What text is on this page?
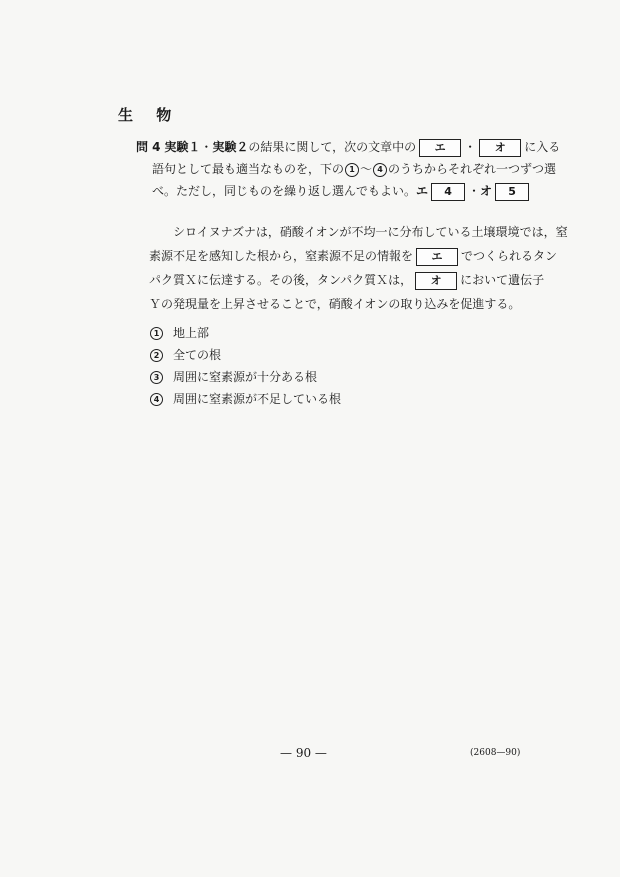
生 物
問 4 実験１・実験２の結果に関して，次の文章中の エ ・ オ に入る
語句として最も適当なものを，下の 1 ～ 4 のうちからそれぞれ一つずつ選
べ。ただし，同じものを繰り返し選んでもよい。エ 4 ・オ 5
シロイヌナズナは，硝酸イオンが不均一に分布している土壌環境では，窒
素源不足を感知した根から，窒素源不足の情報を エ でつくられるタン
パク質Ｘに伝達する。その後，タンパク質Ｘは， オ において遺伝子
Ｙの発現量を上昇させることで，硝酸イオンの取り込みを促進する。
1 地上部
2 全ての根
3 周囲に窒素源が十分ある根
4 周囲に窒素源が不足している根
— 90 —	(2608—90)
